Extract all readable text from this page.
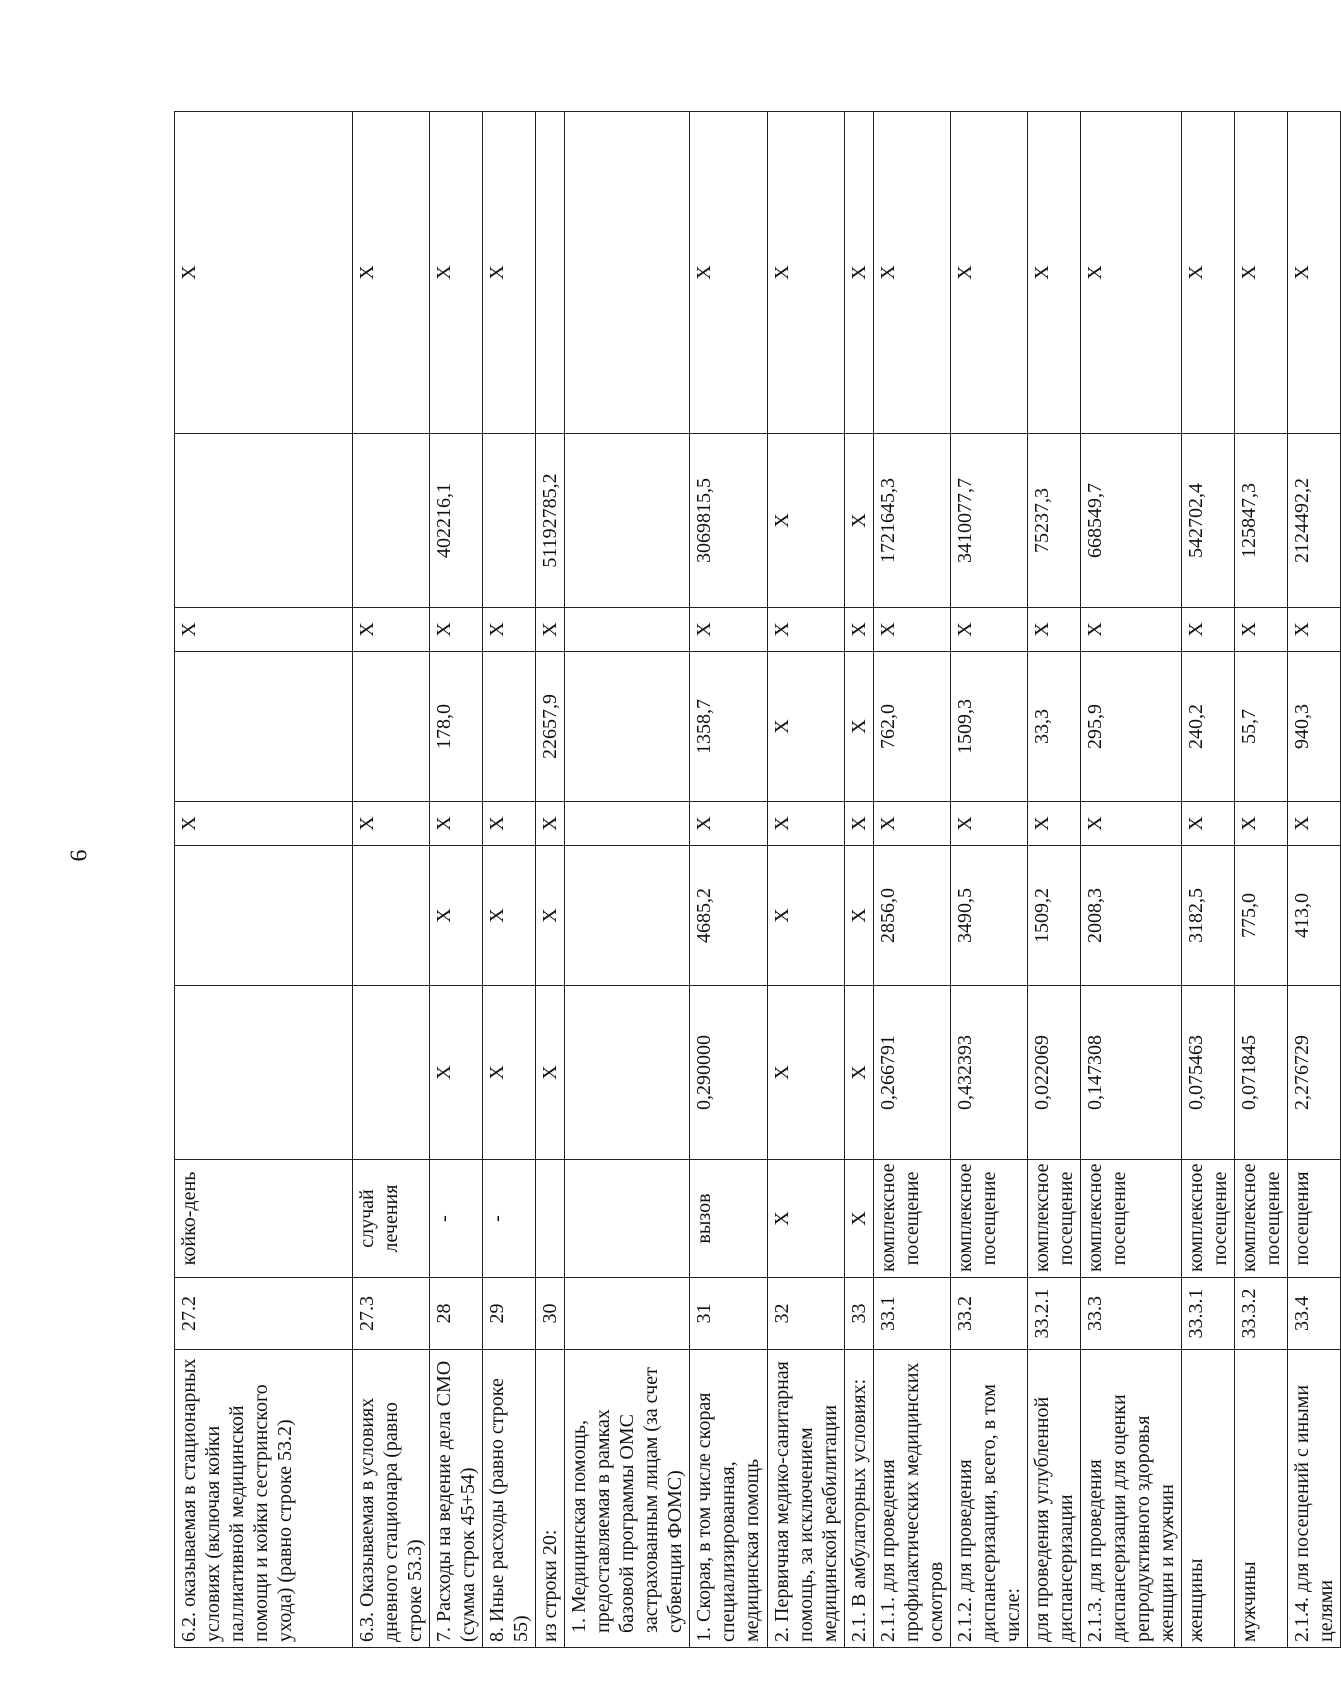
6
6.2. оказываемая в стационарных условиях (включая койки паллиативной медицинской помощи и койки сестринского ухода) (равно строке 53.2)	27.2	койко-день			X		X		X
6.3. Оказываемая в условиях дневного стационара (равно строке 53.3)	27.3	случай лечения			X		X		X
7. Расходы на ведение дела СМО (сумма строк 45+54)	28	-	X	X	X	178,0	X	402216,1	X
8. Иные расходы (равно строке 55)	29	-	X	X	X		X		X
из строки 20:	30		X	X	X	22657,9	X	51192785,2	
1. Медицинская помощь, предоставляемая в рамках базовой программы ОМС застрахованным лицам (за счет субвенции ФОМС)									
1. Скорая, в том числе скорая специализированная, медицинская помощь	31	вызов	0,290000	4685,2	X	1358,7	X	3069815,5	X
2. Первичная медико-санитарная помощь, за исключением медицинской реабилитации	32	X	X	X	X	X	X	X	X
2.1. В амбулаторных условиях:	33	X	X	X	X	X	X	X	X
2.1.1. для проведения профилактических медицинских осмотров	33.1	комплексное посещение	0,266791	2856,0	X	762,0	X	1721645,3	X
2.1.2. для проведения диспансеризации, всего, в том числе:	33.2	комплексное посещение	0,432393	3490,5	X	1509,3	X	3410077,7	X
для проведения углубленной диспансеризации	33.2.1	комплексное посещение	0,022069	1509,2	X	33,3	X	75237,3	X
2.1.3. для проведения диспансеризации для оценки репродуктивного здоровья женщин и мужчин	33.3	комплексное посещение	0,147308	2008,3	X	295,9	X	668549,7	X
женщины	33.3.1	комплексное посещение	0,075463	3182,5	X	240,2	X	542702,4	X
мужчины	33.3.2	комплексное посещение	0,071845	775,0	X	55,7	X	125847,3	X
2.1.4. для посещений с иными целями	33.4	посещения	2,276729	413,0	X	940,3	X	2124492,2	X
